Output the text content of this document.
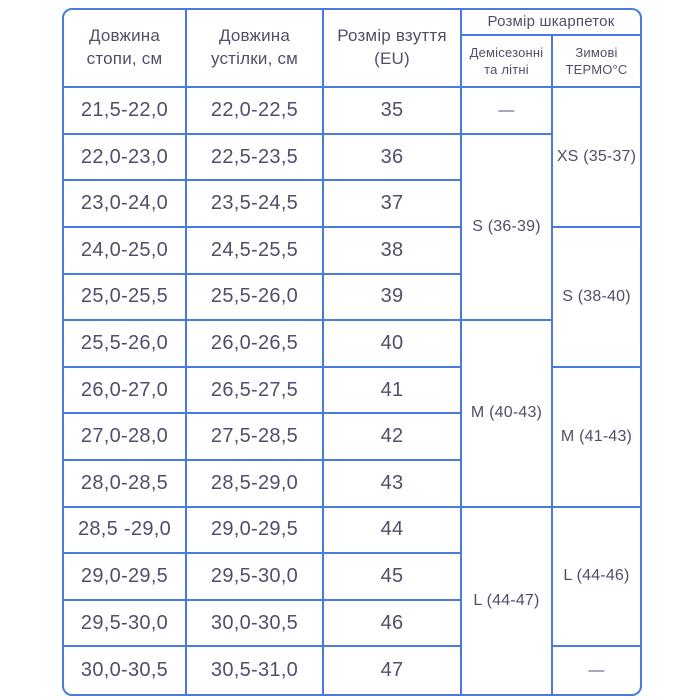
Довжина стопи, см	Довжина устілки, см	Розмір взуття (EU)	Розмір шкарпеток	
			Демісезонні та літні	Зимові ТЕРМО°С
21,5-22,0	22,0-22,5	35	—	XS (35-37)
22,0-23,0	22,5-23,5	36	S (36-39)	
23,0-24,0	23,5-24,5	37		
24,0-25,0	24,5-25,5	38		S (38-40)
25,0-25,5	25,5-26,0	39		
25,5-26,0	26,0-26,5	40	M (40-43)	
26,0-27,0	26,5-27,5	41		M (41-43)
27,0-28,0	27,5-28,5	42		
28,0-28,5	28,5-29,0	43		
28,5 -29,0	29,0-29,5	44	L (44-47)	L (44-46)
29,0-29,5	29,5-30,0	45		
29,5-30,0	30,0-30,5	46		
30,0-30,5	30,5-31,0	47		—
